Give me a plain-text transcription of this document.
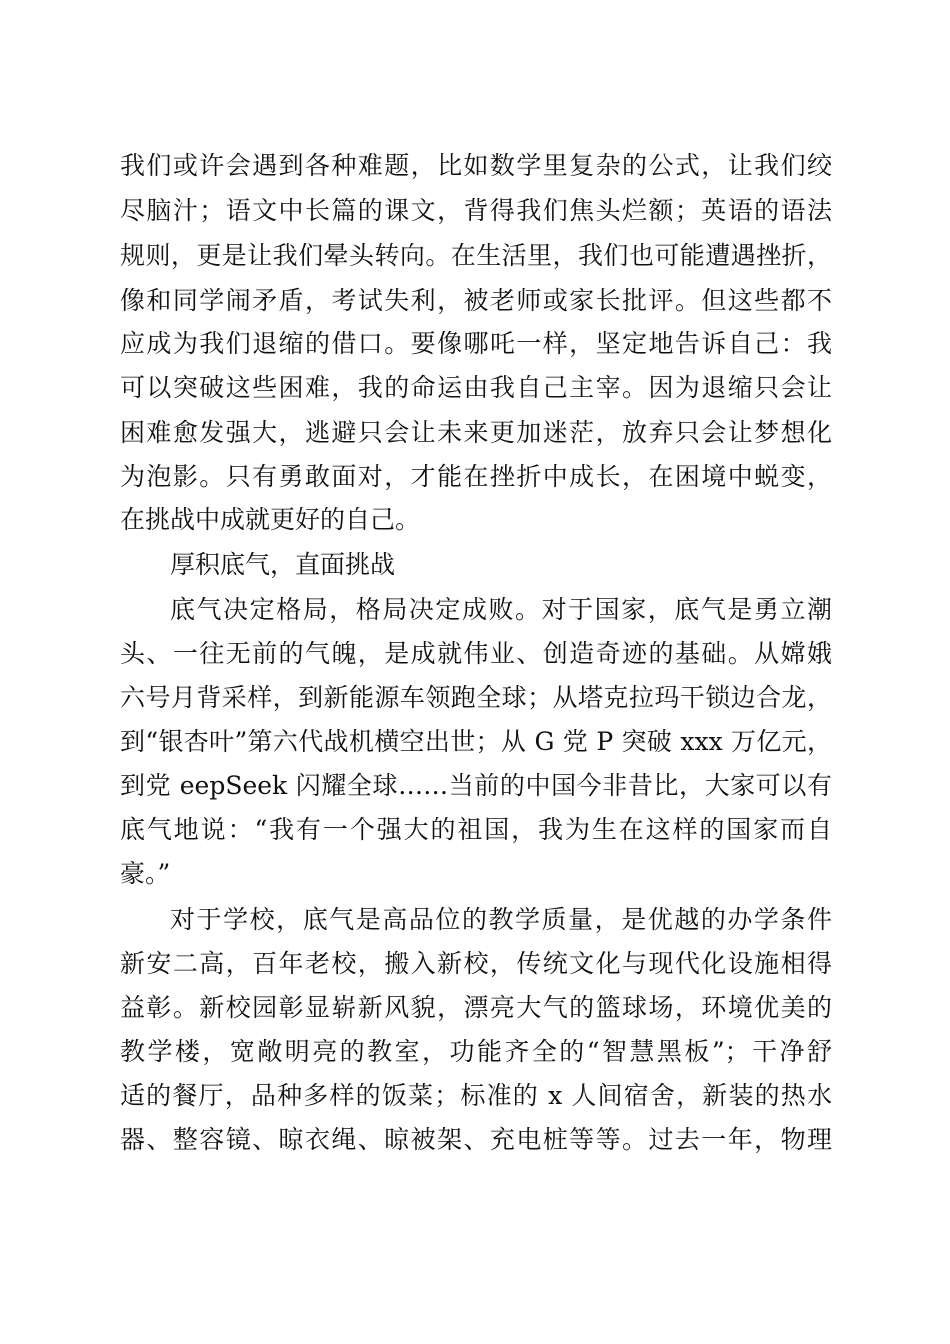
我们或许会遇到各种难题，比如数学里复杂的公式，让我们绞
尽脑汁；语文中长篇的课文，背得我们焦头烂额；英语的语法
规则，更是让我们晕头转向。在生活里，我们也可能遭遇挫折，
像和同学闹矛盾，考试失利，被老师或家长批评。但这些都不
应成为我们退缩的借口。要像哪吒一样，坚定地告诉自己：我
可以突破这些困难，我的命运由我自己主宰。因为退缩只会让
困难愈发强大，逃避只会让未来更加迷茫，放弃只会让梦想化
为泡影。只有勇敢面对，才能在挫折中成长，在困境中蜕变，
在挑战中成就更好的自己。
厚积底气，直面挑战
底气决定格局，格局决定成败。对于国家，底气是勇立潮
头、一往无前的气魄，是成就伟业、创造奇迹的基础。从嫦娥
六号月背采样，到新能源车领跑全球；从塔克拉玛干锁边合龙，
到“银杏叶”第六代战机横空出世；从 G 党 P 突破 xxx 万亿元，
到党 eepSeek 闪耀全球……当前的中国今非昔比，大家可以有
底气地说：“我有一个强大的祖国，我为生在这样的国家而自
豪。”
对于学校，底气是高品位的教学质量，是优越的办学条件
新安二高，百年老校，搬入新校，传统文化与现代化设施相得
益彰。新校园彰显崭新风貌，漂亮大气的篮球场，环境优美的
教学楼，宽敞明亮的教室，功能齐全的“智慧黑板”；干净舒
适的餐厅，品种多样的饭菜；标准的 x 人间宿舍，新装的热水
器、整容镜、晾衣绳、晾被架、充电桩等等。过去一年，物理
